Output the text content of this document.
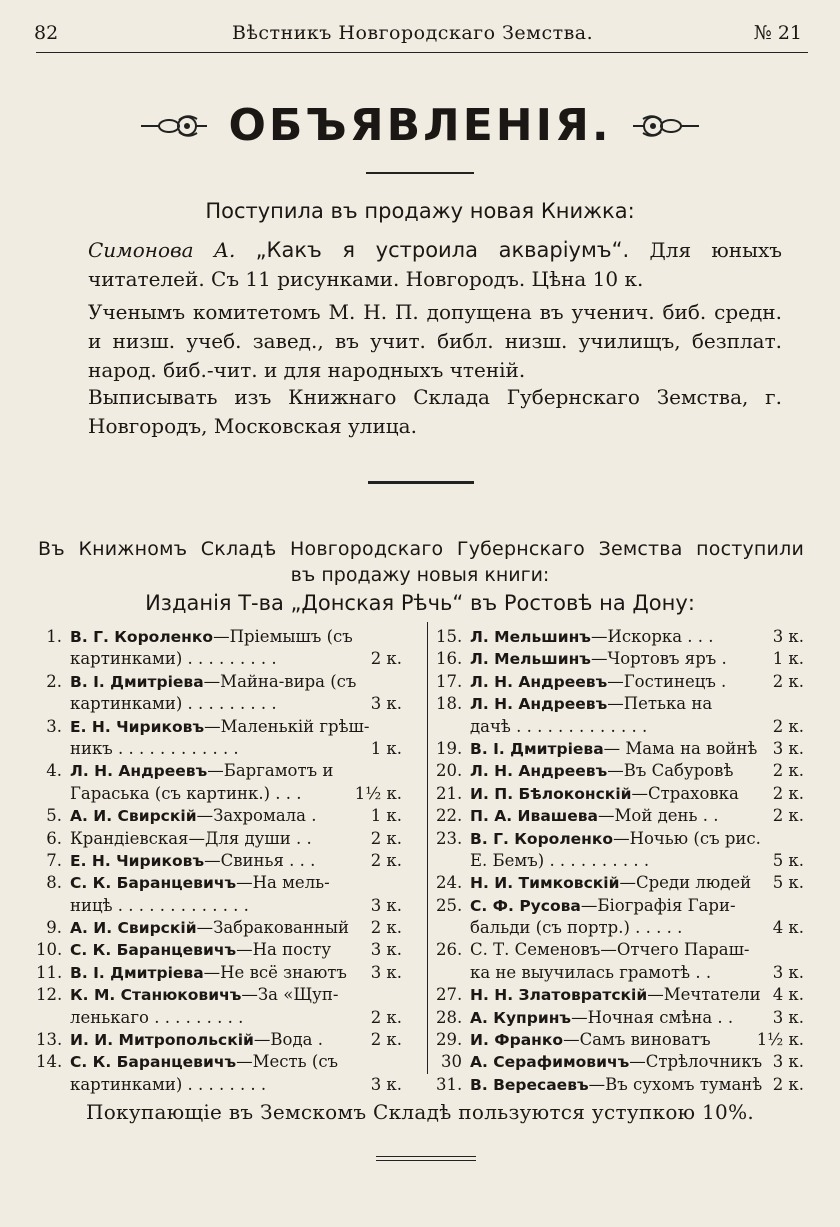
82	Вѣстникъ Новгородскаго Земства.	№ 21
ОБЪЯВЛЕНІЯ.
Поступила въ продажу новая Книжка:

Симонова А. „Какъ я устроила акваріумъ“. Для юныхъ читателей. Съ 11 рисунками. Новгородъ. Цѣна 10 к.

Ученымъ комитетомъ М. Н. П. допущена въ ученич. биб. средн. и низш. учеб. завед., въ учит. библ. низш. училищъ, безплат. народ. биб.-чит. и для народныхъ чтеній.

Выписывать изъ Книжнаго Склада Губернскаго Земства, г. Новгородъ, Московская улица.

Въ Книжномъ Складѣ Новгородскаго Губернскаго Земства поступили
въ продажу новыя книги:
Изданія Т-ва „Донская Рѣчь“ въ Ростовѣ на Дону:
1. В. Г. Короленко—Пріемышъ (съ
картинками) . . . . . . . . .	2 к.
2. В. І. Дмитріева—Майна-вира (съ
картинками) . . . . . . . . .	3 к.
3. Е. Н. Чириковъ—Маленькій грѣш-
никъ . . . . . . . . . . . .	1 к.
4. Л. Н. Андреевъ—Баргамотъ и
Гараська (съ картинк.) . . .	1½ к.
5. А. И. Свирскій—Захромала .	1 к.
6. Крандіевская—Для души . .	2 к.
7. Е. Н. Чириковъ—Свинья . . .	2 к.
8. С. К. Баранцевичъ—На мель-
ницѣ . . . . . . . . . . . . .	3 к.
9. А. И. Свирскій—Забракованный 2 к.
10. С. К. Баранцевичъ—На посту 3 к.
11. В. І. Дмитріева—Не всё знаютъ 3 к.
12. К. М. Станюковичъ—За «Щуп-
ленькаго . . . . . . . . .	2 к.
13. И. И. Митропольскій—Вода .	2 к.
14. С. К. Баранцевичъ—Месть (съ
картинками) . . . . . . . .	3 к.
15. Л. Мельшинъ—Искорка . . .	3 к.
16. Л. Мельшинъ—Чортовъ яръ .	1 к.
17. Л. Н. Андреевъ—Гостинецъ .	2 к.
18. Л. Н. Андреевъ—Петька на
дачѣ . . . . . . . . . . . . .	2 к.
19. В. І. Дмитріева— Мама на войнѣ 3 к.
20. Л. Н. Андреевъ—Въ Сабуровѣ 2 к.
21. И. П. Бѣлоконскій—Страховка 2 к.
22. П. А. Ивашева—Мой день . .	2 к.
23. В. Г. Короленко—Ночью (съ рис.
Е. Бемъ) . . . . . . . . . .	5 к.
24. Н. И. Тимковскій—Среди людей 5 к.
25. С. Ф. Русова—Біографія Гари-
бальди (съ портр.) . . . . .	4 к.
26. С. Т. Семеновъ—Отчего Параш-
ка не выучилась грамотѣ . .	3 к.
27. Н. Н. Златовратскій—Мечтатели 4 к.
28. А. Купринъ—Ночная смѣна . . 3 к.
29. И. Франко—Самъ виноватъ	1½ к.
30 А. Серафимовичъ—Стрѣлочникъ 3 к.
31. В. Вересаевъ—Въ сухомъ туманѣ 2 к.
Покупающіе въ Земскомъ Складѣ пользуются уступкою 10%.
